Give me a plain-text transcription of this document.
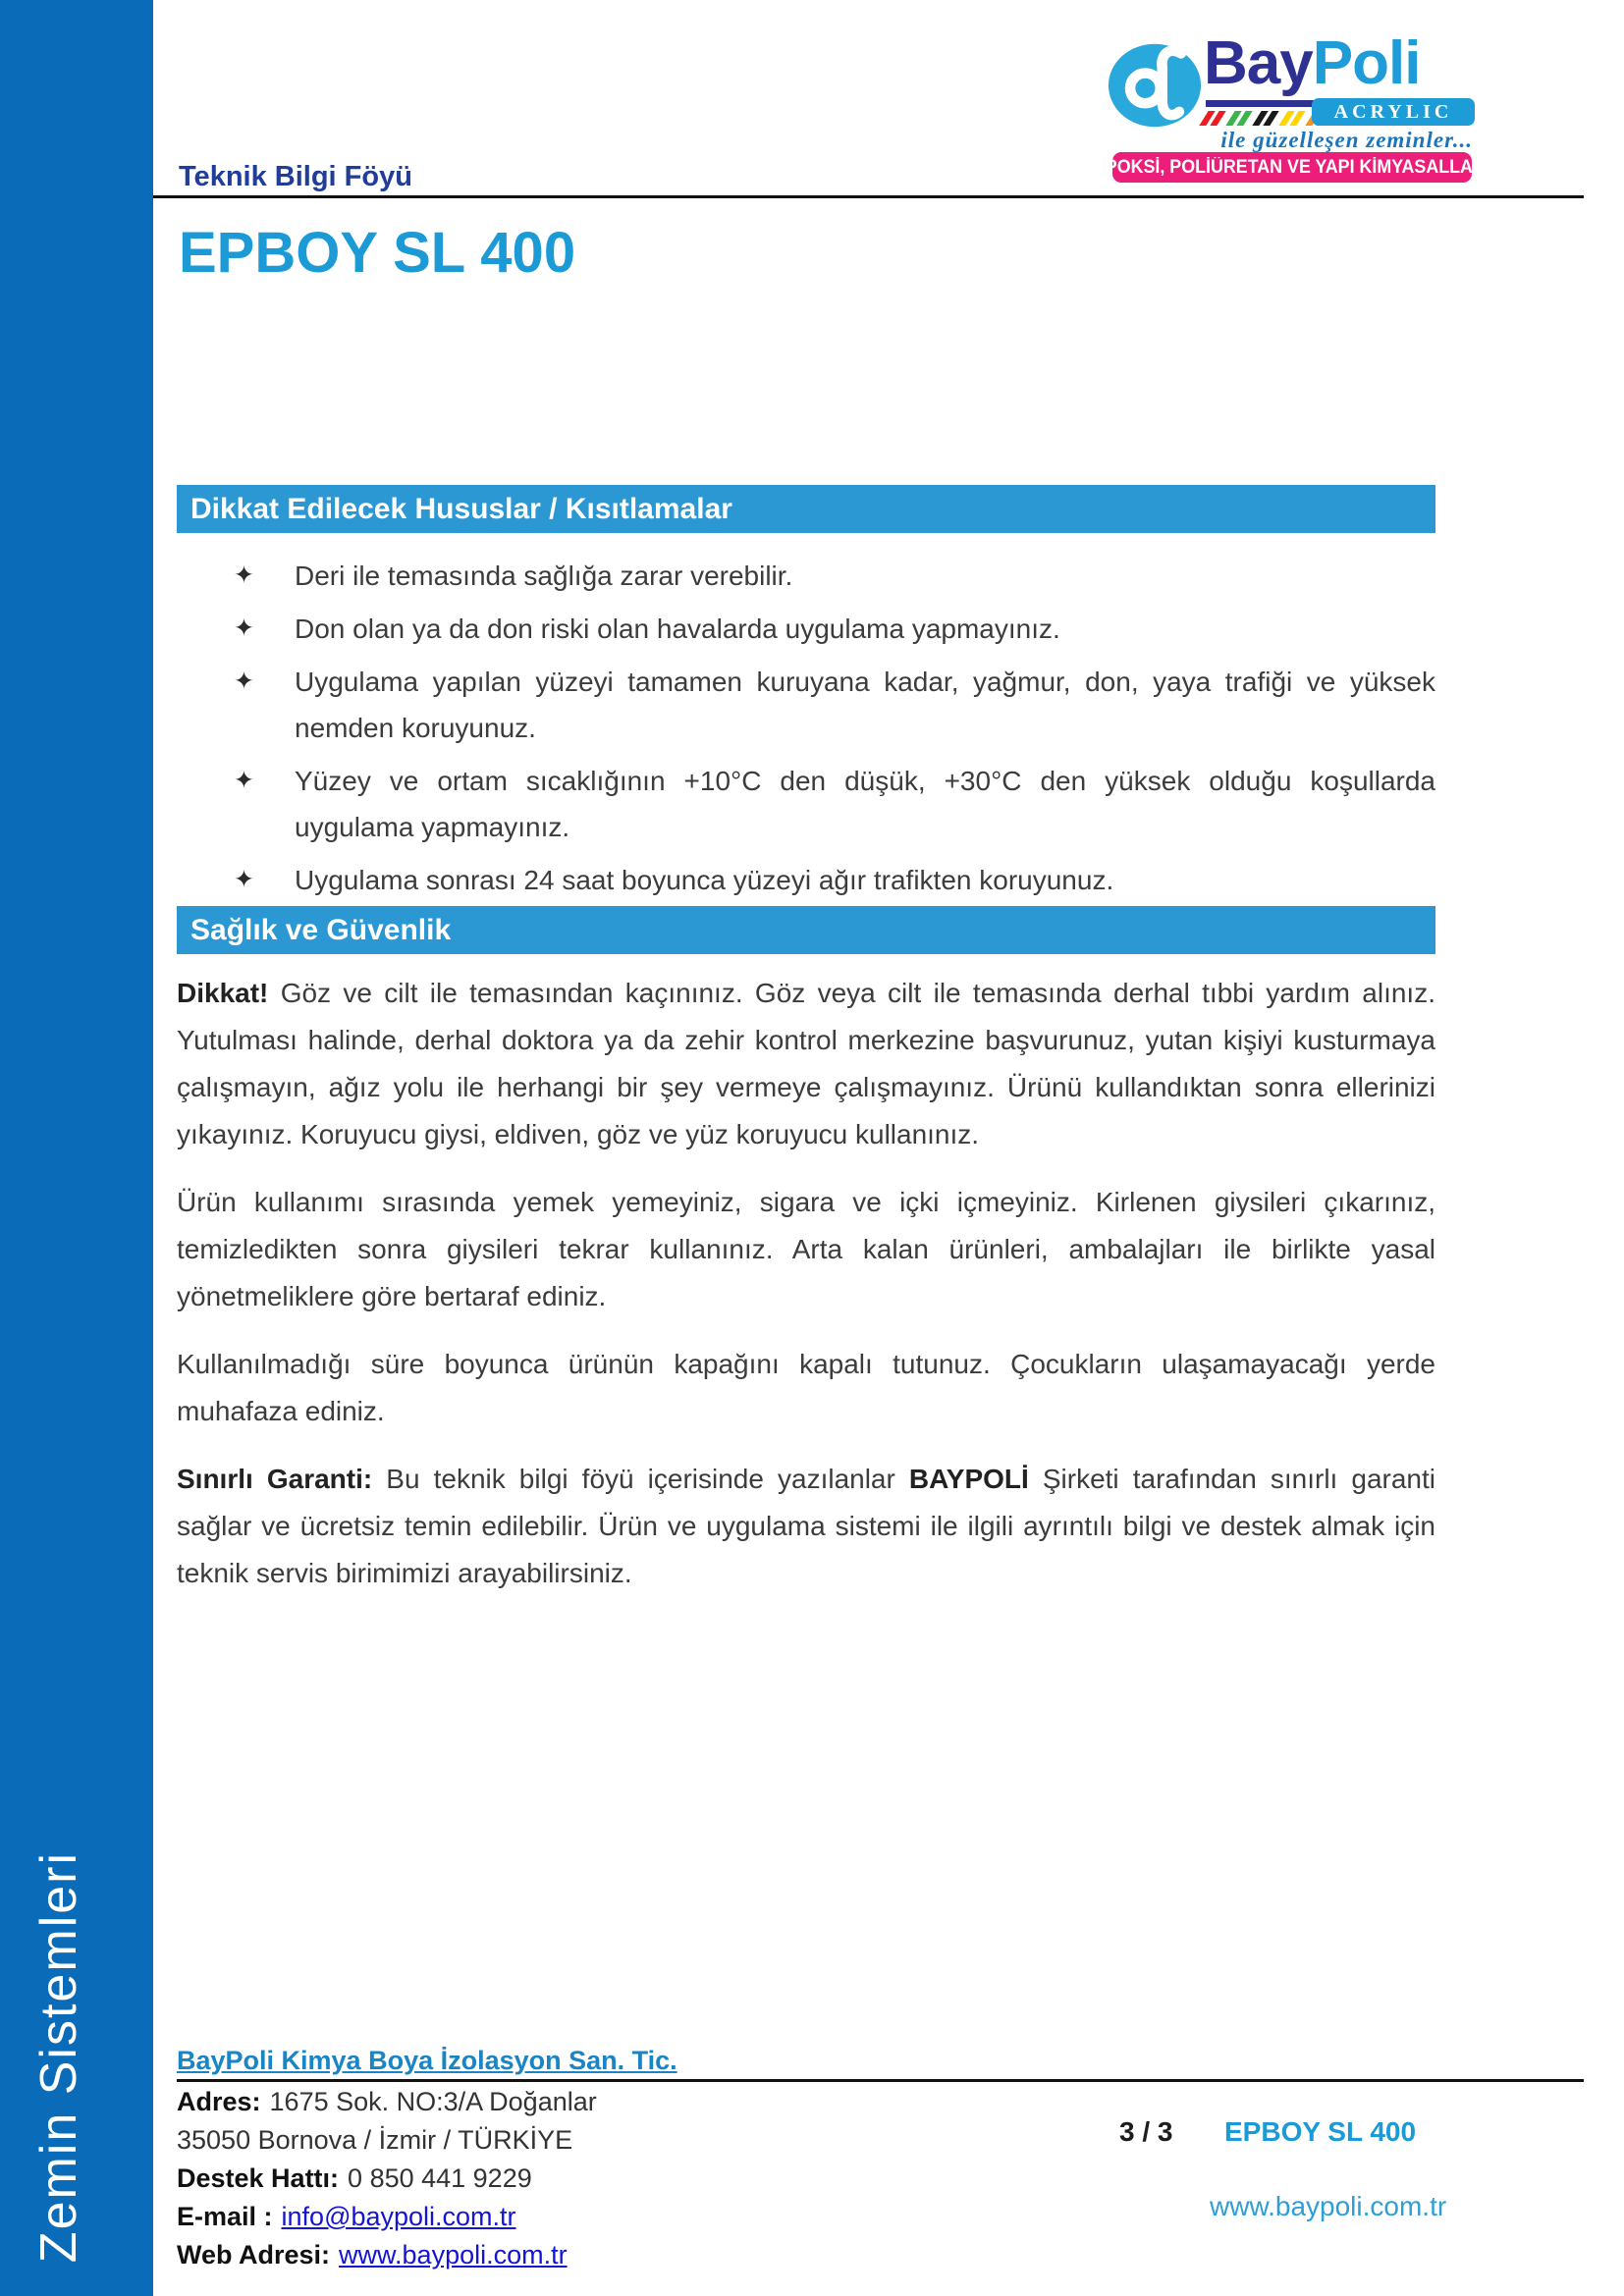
Zemin Sistemleri
BayPoli
ACRYLIC
ile güzelleşen zeminler...
EPOKSİ, POLİÜRETAN VE YAPI KİMYASALLARI
Teknik Bilgi Föyü
EPBOY SL 400
Dikkat Edilecek Hususlar / Kısıtlamalar
✦ Deri ile temasında sağlığa zarar verebilir.
✦ Don olan ya da don riski olan havalarda uygulama yapmayınız.
✦ Uygulama yapılan yüzeyi tamamen kuruyana kadar, yağmur, don, yaya trafiği ve yüksek nemden koruyunuz.
✦ Yüzey ve ortam sıcaklığının +10°C den düşük, +30°C den yüksek olduğu koşullarda uygulama yapmayınız.
✦ Uygulama sonrası 24 saat boyunca yüzeyi ağır trafikten koruyunuz.
Sağlık ve Güvenlik

Dikkat! Göz ve cilt ile temasından kaçınınız. Göz veya cilt ile temasında derhal tıbbi yardım alınız. Yutulması halinde, derhal doktora ya da zehir kontrol merkezine başvurunuz, yutan kişiyi kusturmaya çalışmayın, ağız yolu ile herhangi bir şey vermeye çalışmayınız. Ürünü kullandıktan sonra ellerinizi yıkayınız. Koruyucu giysi, eldiven, göz ve yüz koruyucu kullanınız.

Ürün kullanımı sırasında yemek yemeyiniz, sigara ve içki içmeyiniz. Kirlenen giysileri çıkarınız, temizledikten sonra giysileri tekrar kullanınız. Arta kalan ürünleri, ambalajları ile birlikte yasal yönetmeliklere göre bertaraf ediniz.

Kullanılmadığı süre boyunca ürünün kapağını kapalı tutunuz. Çocukların ulaşamayacağı yerde muhafaza ediniz.

Sınırlı Garanti: Bu teknik bilgi föyü içerisinde yazılanlar BAYPOLİ Şirketi tarafından sınırlı garanti sağlar ve ücretsiz temin edilebilir. Ürün ve uygulama sistemi ile ilgili ayrıntılı bilgi ve destek almak için teknik servis birimimizi arayabilirsiniz.

BayPoli Kimya Boya İzolasyon San. Tic.
Adres: 1675 Sok. NO:3/A Doğanlar
35050 Bornova / İzmir / TÜRKİYE
Destek Hattı: 0 850 441 9229
E-mail : info@baypoli.com.tr
Web Adresi: www.baypoli.com.tr
3 / 3 EPBOY SL 400
www.baypoli.com.tr
